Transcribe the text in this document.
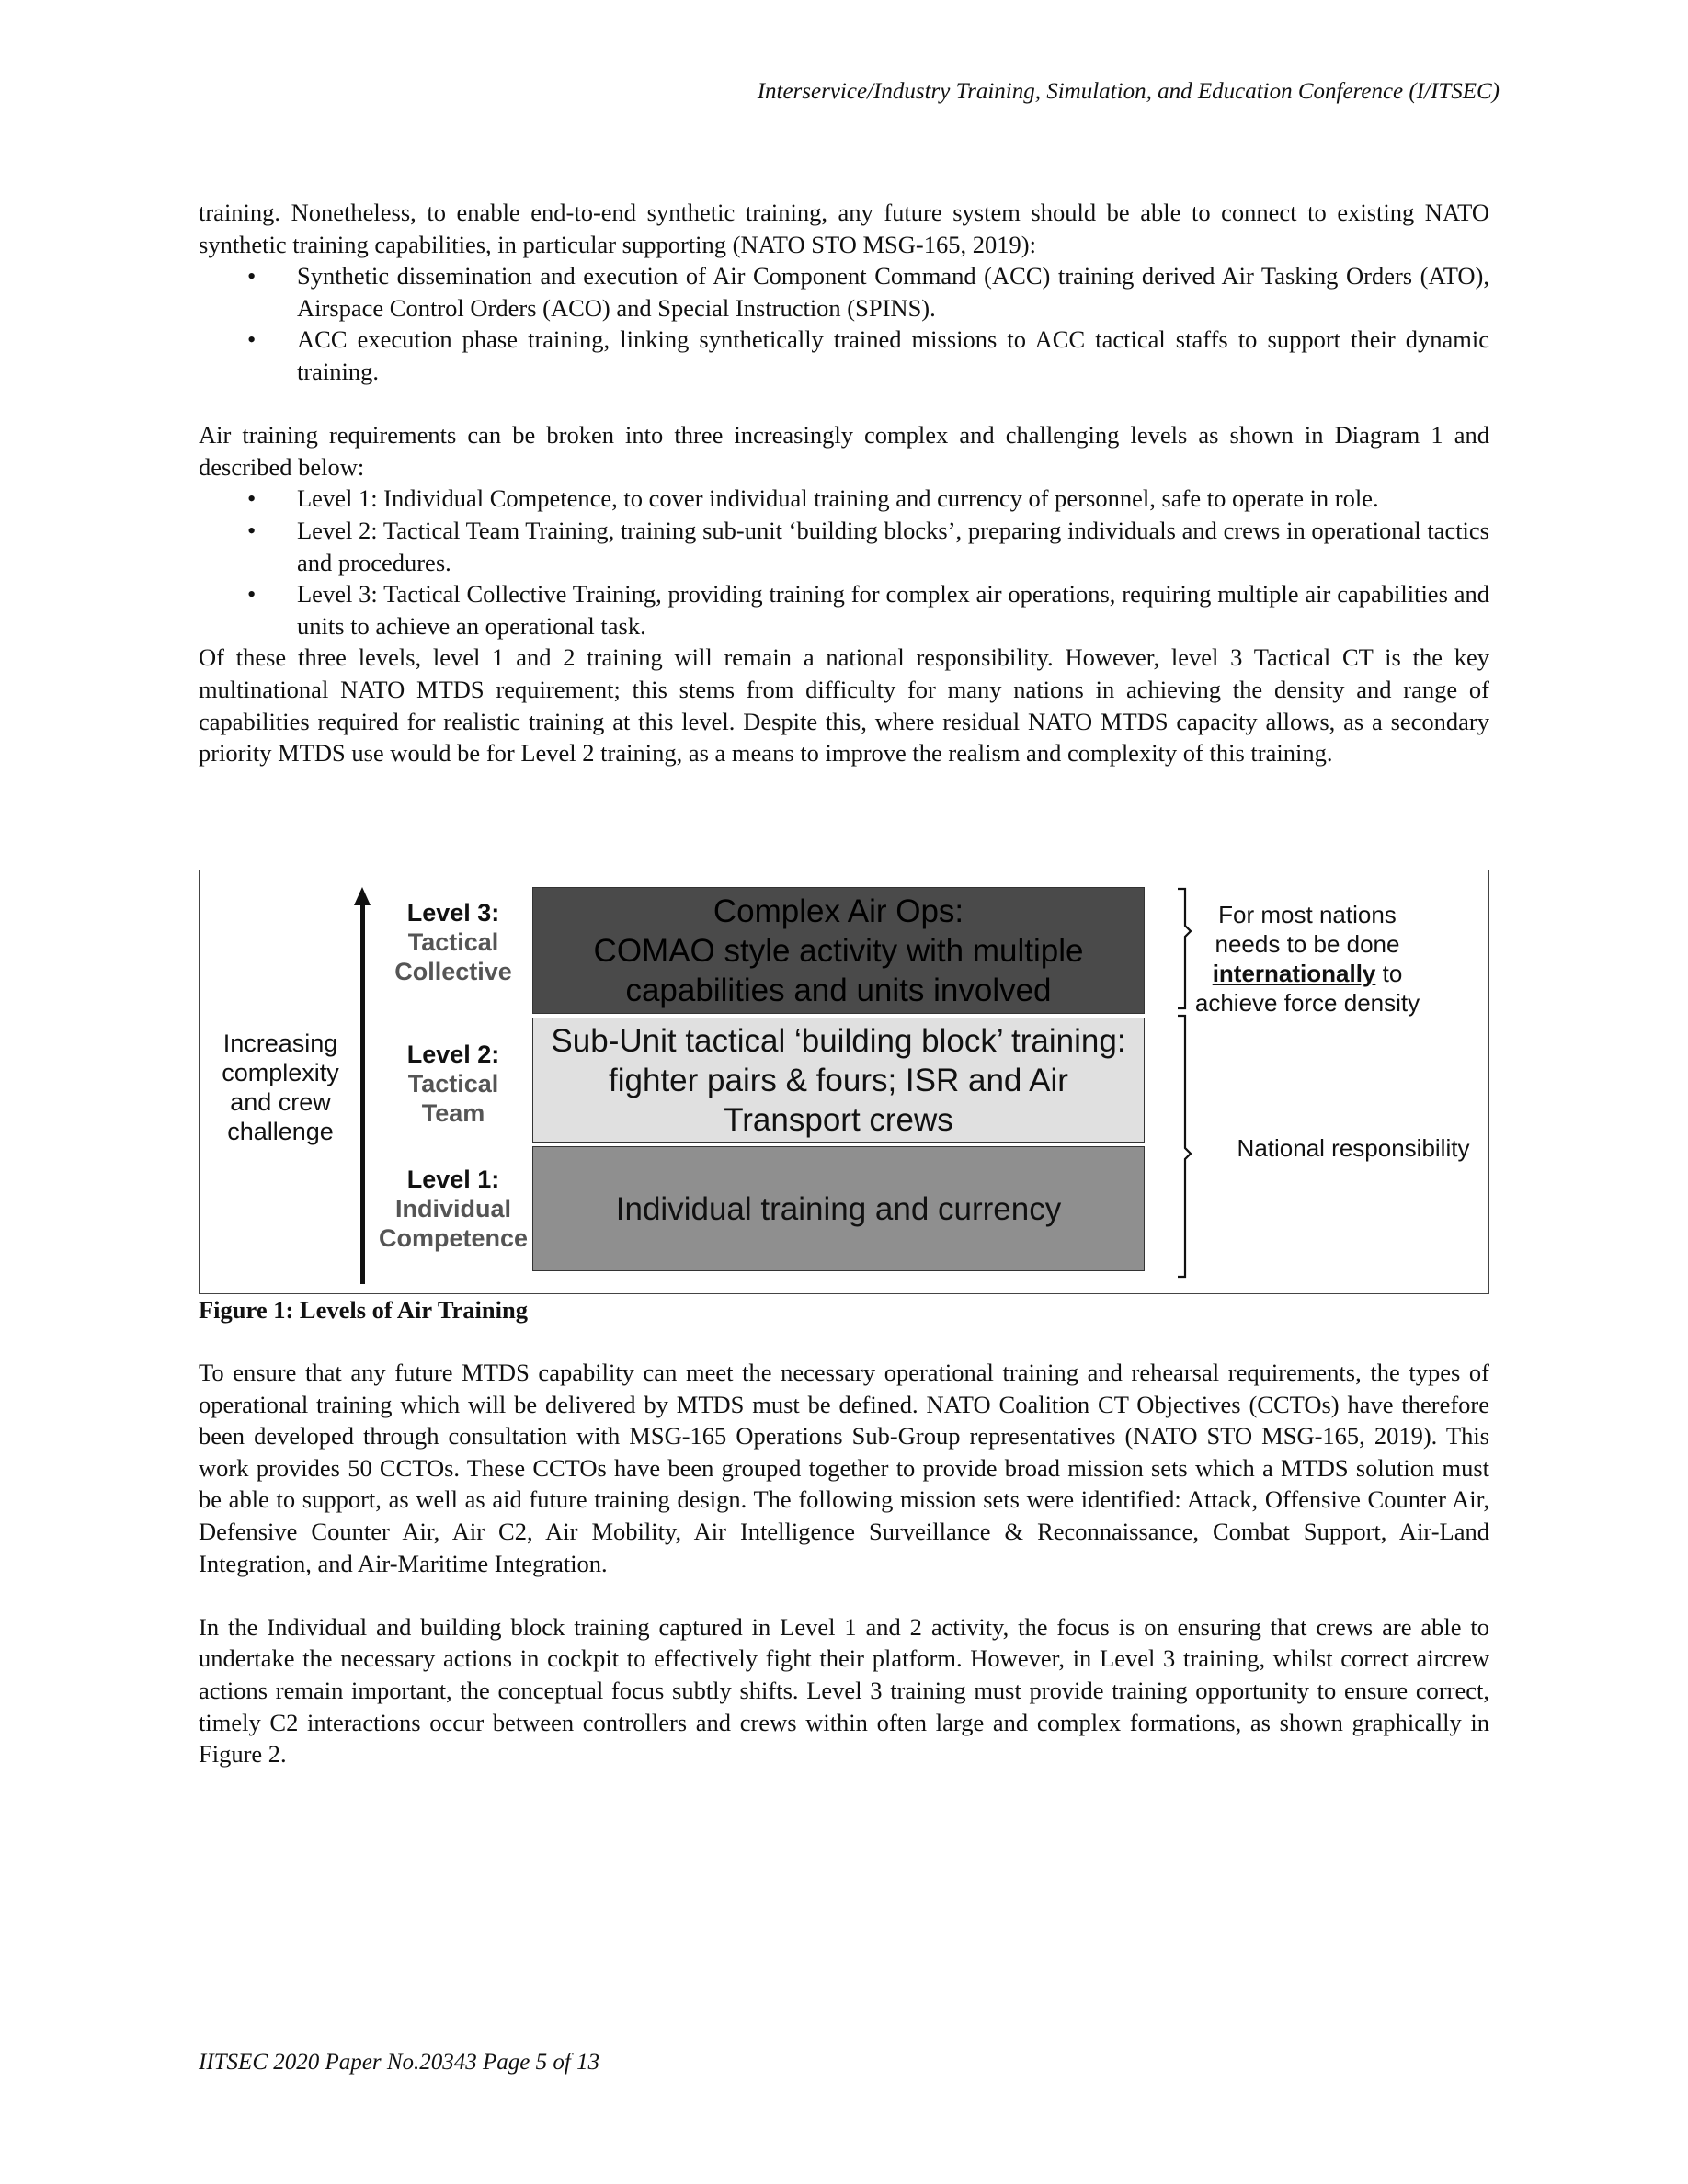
Interservice/Industry Training, Simulation, and Education Conference (I/ITSEC)

training. Nonetheless, to enable end-to-end synthetic training, any future system should be able to connect to existing NATO synthetic training capabilities, in particular supporting (NATO STO MSG-165, 2019):

• Synthetic dissemination and execution of Air Component Command (ACC) training derived Air Tasking Orders (ATO), Airspace Control Orders (ACO) and Special Instruction (SPINS).
• ACC execution phase training, linking synthetically trained missions to ACC tactical staffs to support their dynamic training.

Air training requirements can be broken into three increasingly complex and challenging levels as shown in Diagram 1 and described below:

• Level 1: Individual Competence, to cover individual training and currency of personnel, safe to operate in role.
• Level 2: Tactical Team Training, training sub-unit ‘building blocks’, preparing individuals and crews in operational tactics and procedures.
• Level 3: Tactical Collective Training, providing training for complex air operations, requiring multiple air capabilities and units to achieve an operational task.

Of these three levels, level 1 and 2 training will remain a national responsibility. However, level 3 Tactical CT is the key multinational NATO MTDS requirement; this stems from difficulty for many nations in achieving the density and range of capabilities required for realistic training at this level. Despite this, where residual NATO MTDS capacity allows, as a secondary priority MTDS use would be for Level 2 training, as a means to improve the realism and complexity of this training.

Increasing
complexity
and crew
challenge
Level 3:
Tactical
Collective
Level 2:
Tactical
Team
Level 1:
Individual
Competence
Complex Air Ops:
COMAO style activity with multiple
capabilities and units involved
Sub-Unit tactical ‘building block’ training:
fighter pairs & fours; ISR and Air
Transport crews
Individual training and currency
For most nations
needs to be done
internationally to
achieve force density
National responsibility
Figure 1: Levels of Air Training

To ensure that any future MTDS capability can meet the necessary operational training and rehearsal requirements, the types of operational training which will be delivered by MTDS must be defined. NATO Coalition CT Objectives (CCTOs) have therefore been developed through consultation with MSG-165 Operations Sub-Group representatives (NATO STO MSG-165, 2019). This work provides 50 CCTOs. These CCTOs have been grouped together to provide broad mission sets which a MTDS solution must be able to support, as well as aid future training design. The following mission sets were identified: Attack, Offensive Counter Air, Defensive Counter Air, Air C2, Air Mobility, Air Intelligence Surveillance & Reconnaissance, Combat Support, Air-Land Integration, and Air-Maritime Integration.

In the Individual and building block training captured in Level 1 and 2 activity, the focus is on ensuring that crews are able to undertake the necessary actions in cockpit to effectively fight their platform. However, in Level 3 training, whilst correct aircrew actions remain important, the conceptual focus subtly shifts. Level 3 training must provide training opportunity to ensure correct, timely C2 interactions occur between controllers and crews within often large and complex formations, as shown graphically in Figure 2.

IITSEC 2020 Paper No.20343 Page 5 of 13
